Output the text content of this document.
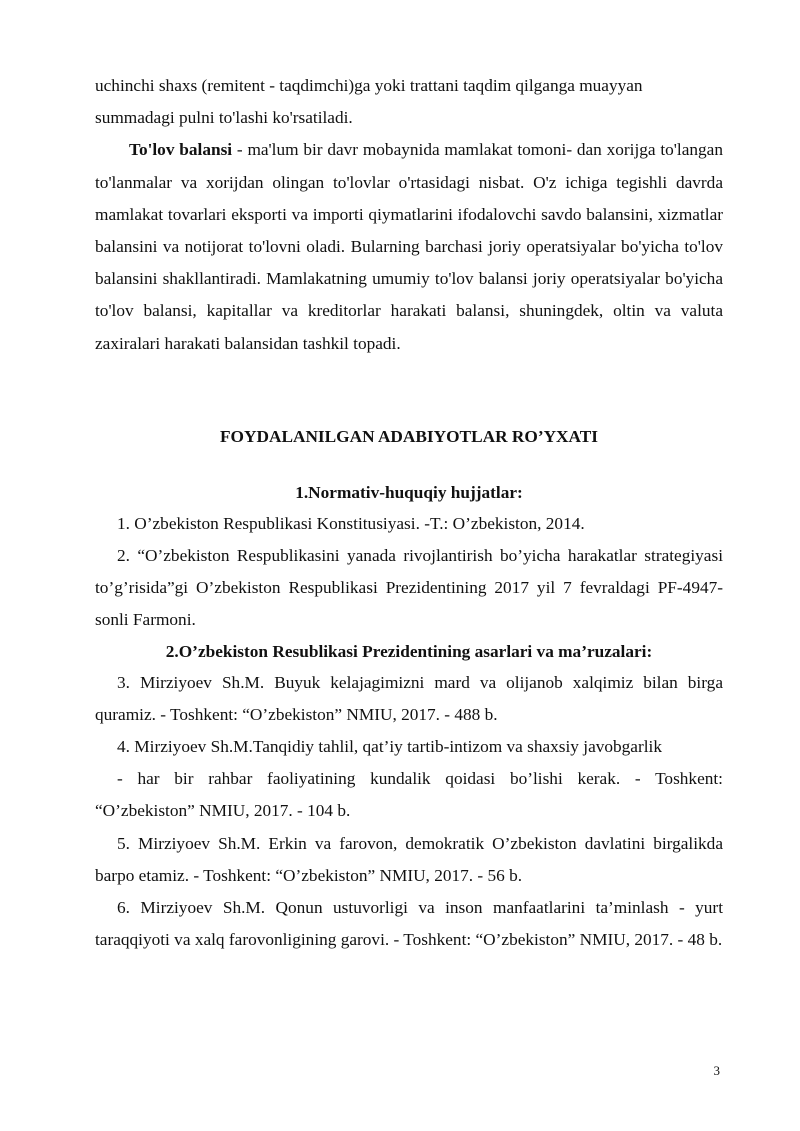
uchinchi shaxs (remitent - taqdimchi)ga yoki trattani taqdim qilganga muayyan summadagi pulni to'lashi ko'rsatiladi.

To'lov balansi - ma'lum bir davr mobaynida mamlakat tomoni- dan xorijga to'langan to'lanmalar va xorijdan olingan to'lovlar o'rtasidagi nisbat. O'z ichiga tegishli davrda mamlakat tovarlari eksporti va importi qiymatlarini ifodalovchi savdo balansini, xizmatlar balansini va notijorat to'lovni oladi. Bularning barchasi joriy operatsiyalar bo'yicha to'lov balansini shakllantiradi. Mamlakatning umumiy to'lov balansi joriy operatsiyalar bo'yicha to'lov balansi, kapitallar va kreditorlar harakati balansi, shuningdek, oltin va valuta zaxiralari harakati balansidan tashkil topadi.

FOYDALANILGAN ADABIYOTLAR RO’YXATI

1.Normativ-huquqiy hujjatlar:

1. O’zbekiston Respublikasi Konstitusiyasi. -T.: O’zbekiston, 2014.

2. “O’zbekiston Respublikasini yanada rivojlantirish bo’yicha harakatlar strategiyasi to’g’risida”gi O’zbekiston Respublikasi Prezidentining 2017 yil 7 fevraldagi PF-4947-sonli Farmoni.

2.O’zbekiston Resublikasi Prezidentining asarlari va ma’ruzalari:

3. Mirziyoev Sh.M. Buyuk kelajagimizni mard va olijanob xalqimiz bilan birga quramiz. - Toshkent: “O’zbekiston” NMIU, 2017. - 488 b.

4. Mirziyoev Sh.M.Tanqidiy tahlil, qat’iy tartib-intizom va shaxsiy javobgarlik

- har bir rahbar faoliyatining kundalik qoidasi bo’lishi kerak. - Toshkent: “O’zbekiston” NMIU, 2017. - 104 b.

5. Mirziyoev Sh.M. Erkin va farovon, demokratik O’zbekiston davlatini birgalikda barpo etamiz. - Toshkent: “O’zbekiston” NMIU, 2017. - 56 b.

6. Mirziyoev Sh.M. Qonun ustuvorligi va inson manfaatlarini ta’minlash - yurt taraqqiyoti va xalq farovonligining garovi. - Toshkent: “O’zbekiston” NMIU, 2017. - 48 b.

3
